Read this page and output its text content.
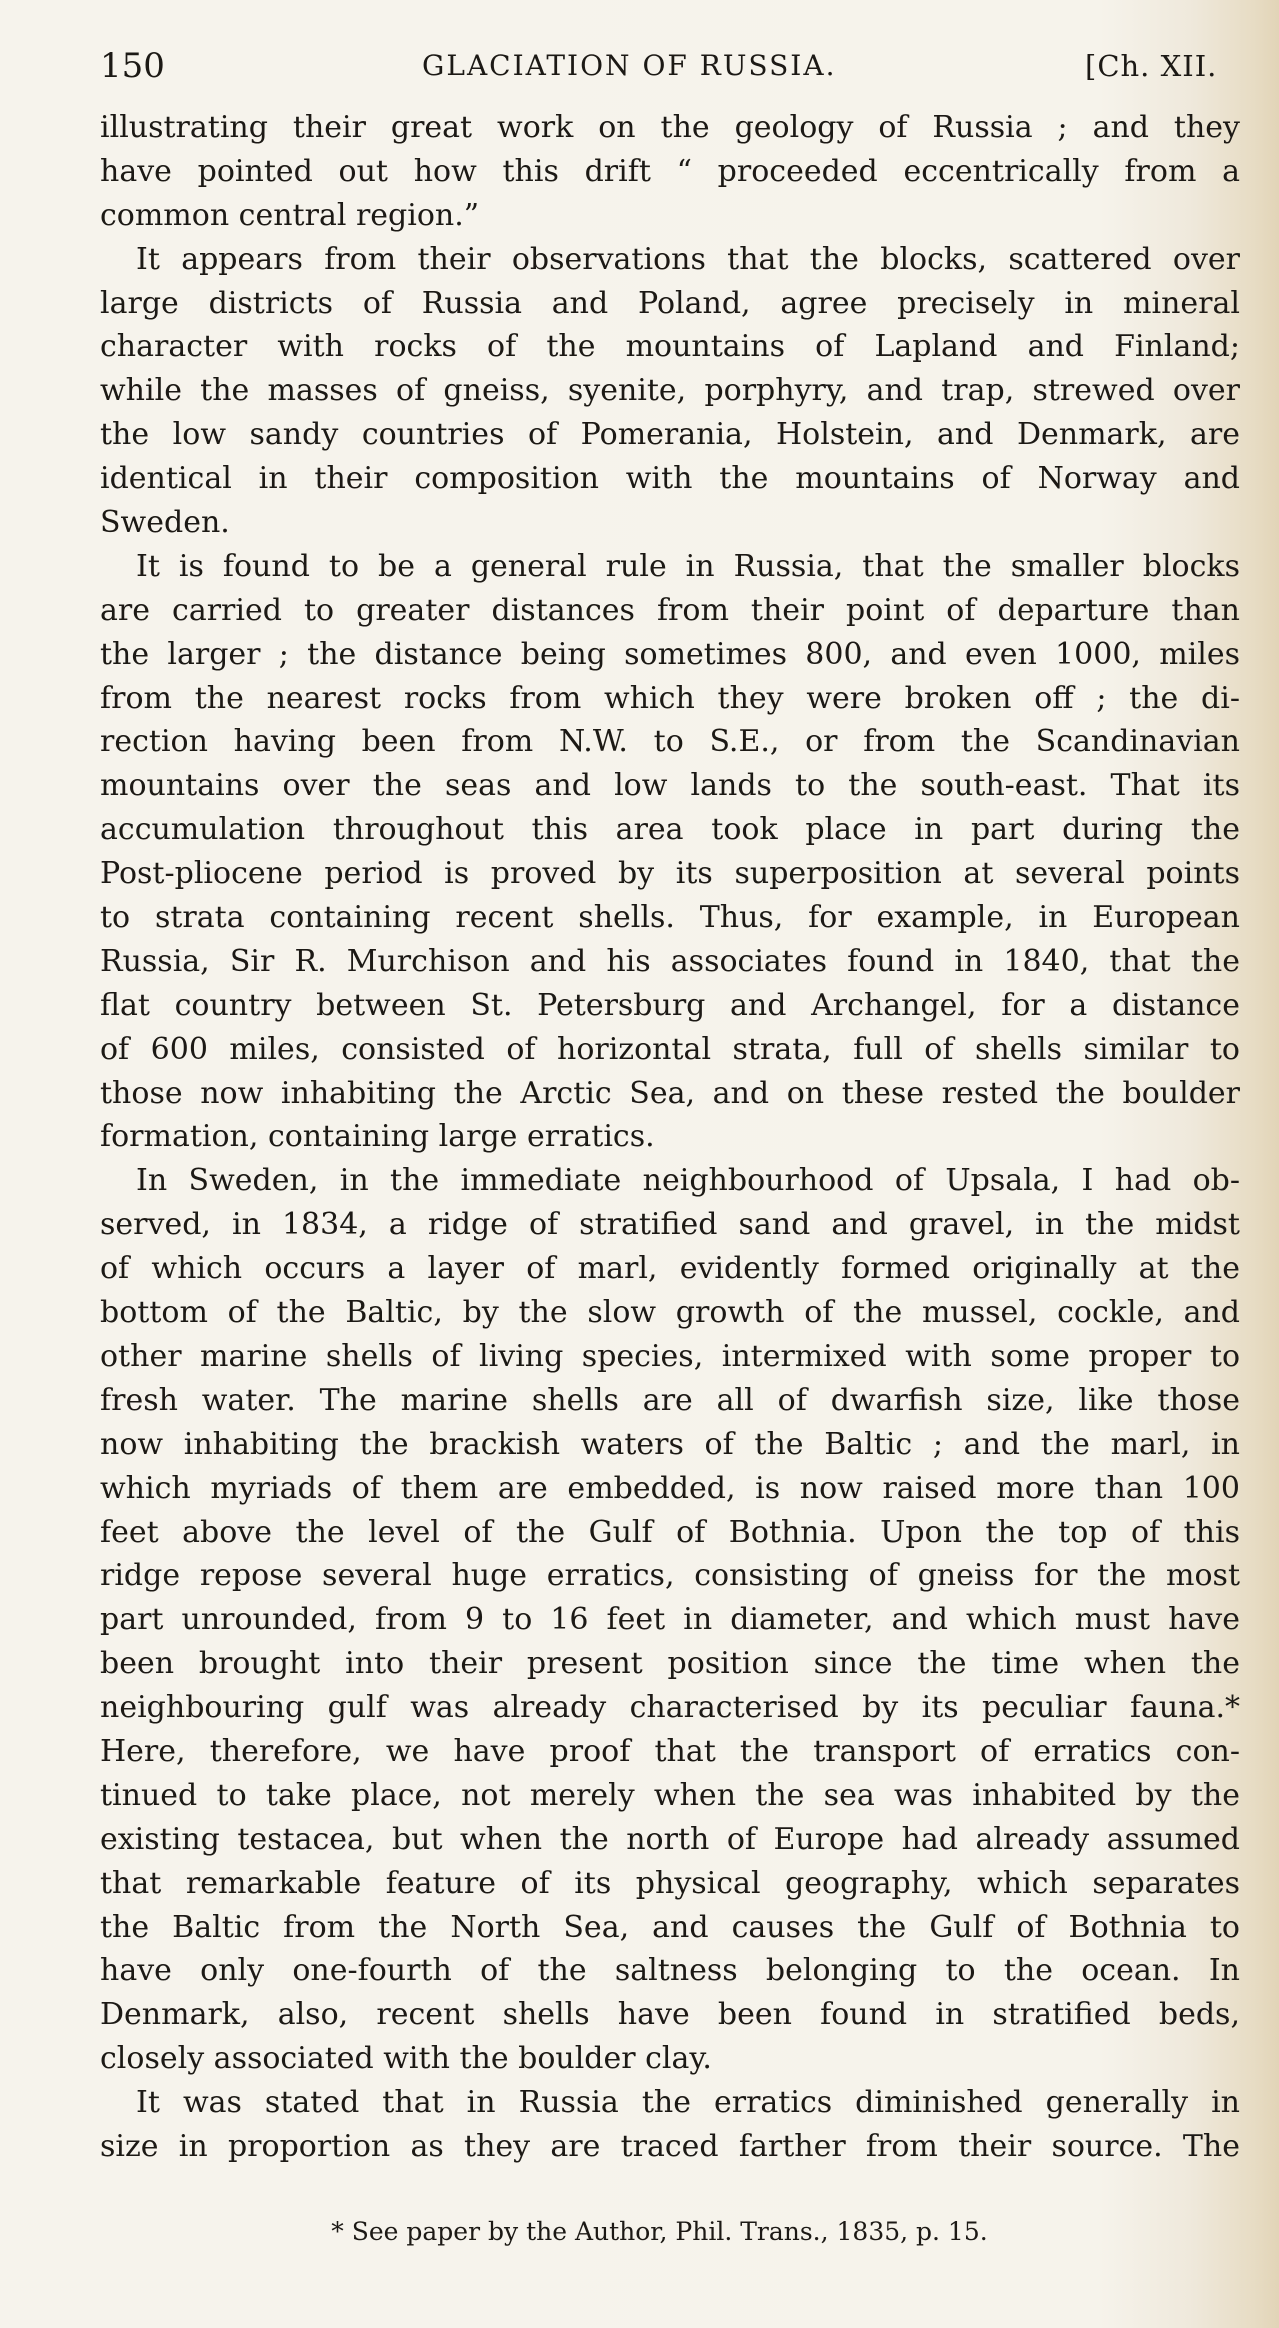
150	GLACIATION OF RUSSIA.	[Ch. XII.
illustrating their great work on the geology of Russia ; and they
have pointed out how this drift “ proceeded eccentrically from a
common central region.”
It appears from their observations that the blocks, scattered over
large districts of Russia and Poland, agree precisely in mineral
character with rocks of the mountains of Lapland and Finland;
while the masses of gneiss, syenite, porphyry, and trap, strewed over
the low sandy countries of Pomerania, Holstein, and Denmark, are
identical in their composition with the mountains of Norway and
Sweden.
It is found to be a general rule in Russia, that the smaller blocks
are carried to greater distances from their point of departure than
the larger ; the distance being sometimes 800, and even 1000, miles
from the nearest rocks from which they were broken off ; the di-
rection having been from N.W. to S.E., or from the Scandinavian
mountains over the seas and low lands to the south-east. That its
accumulation throughout this area took place in part during the
Post-pliocene period is proved by its superposition at several points
to strata containing recent shells. Thus, for example, in European
Russia, Sir R. Murchison and his associates found in 1840, that the
flat country between St. Petersburg and Archangel, for a distance
of 600 miles, consisted of horizontal strata, full of shells similar to
those now inhabiting the Arctic Sea, and on these rested the boulder
formation, containing large erratics.
In Sweden, in the immediate neighbourhood of Upsala, I had ob-
served, in 1834, a ridge of stratified sand and gravel, in the midst
of which occurs a layer of marl, evidently formed originally at the
bottom of the Baltic, by the slow growth of the mussel, cockle, and
other marine shells of living species, intermixed with some proper to
fresh water. The marine shells are all of dwarfish size, like those
now inhabiting the brackish waters of the Baltic ; and the marl, in
which myriads of them are embedded, is now raised more than 100
feet above the level of the Gulf of Bothnia. Upon the top of this
ridge repose several huge erratics, consisting of gneiss for the most
part unrounded, from 9 to 16 feet in diameter, and which must have
been brought into their present position since the time when the
neighbouring gulf was already characterised by its peculiar fauna.*
Here, therefore, we have proof that the transport of erratics con-
tinued to take place, not merely when the sea was inhabited by the
existing testacea, but when the north of Europe had already assumed
that remarkable feature of its physical geography, which separates
the Baltic from the North Sea, and causes the Gulf of Bothnia to
have only one-fourth of the saltness belonging to the ocean. In
Denmark, also, recent shells have been found in stratified beds,
closely associated with the boulder clay.
It was stated that in Russia the erratics diminished generally in
size in proportion as they are traced farther from their source. The
* See paper by the Author, Phil. Trans., 1835, p. 15.
